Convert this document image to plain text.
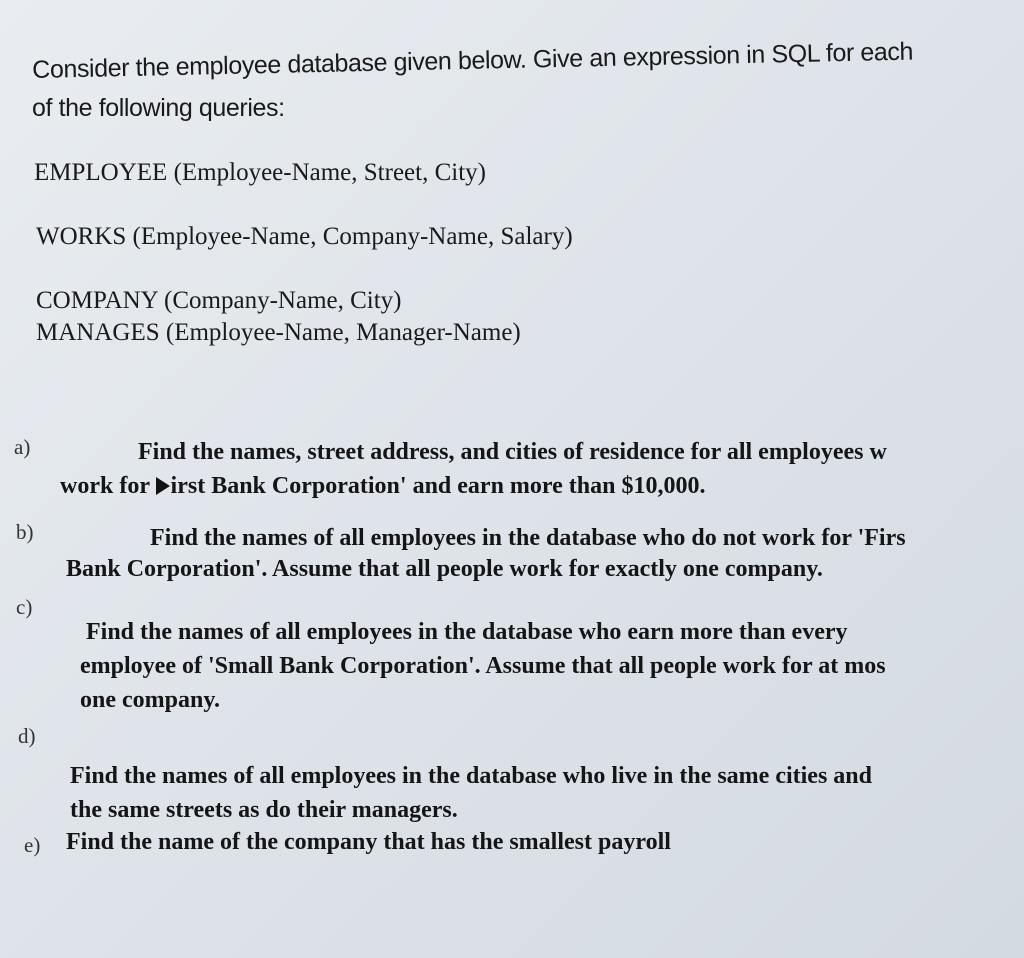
Consider the employee database given below. Give an expression in SQL for each
of the following queries:
EMPLOYEE (Employee-Name, Street, City)
WORKS (Employee-Name, Company-Name, Salary)
COMPANY (Company-Name, City)
MANAGES (Employee-Name, Manager-Name)
a)	Find the names, street address, and cities of residence for all employees w
work for irst Bank Corporation' and earn more than $10,000.
b)	Find the names of all employees in the database who do not work for 'Firs
Bank Corporation'. Assume that all people work for exactly one company.
c)
Find the names of all employees in the database who earn more than every
employee of 'Small Bank Corporation'. Assume that all people work for at mos
one company.
d)
Find the names of all employees in the database who live in the same cities and
the same streets as do their managers.
e) Find the name of the company that has the smallest payroll
